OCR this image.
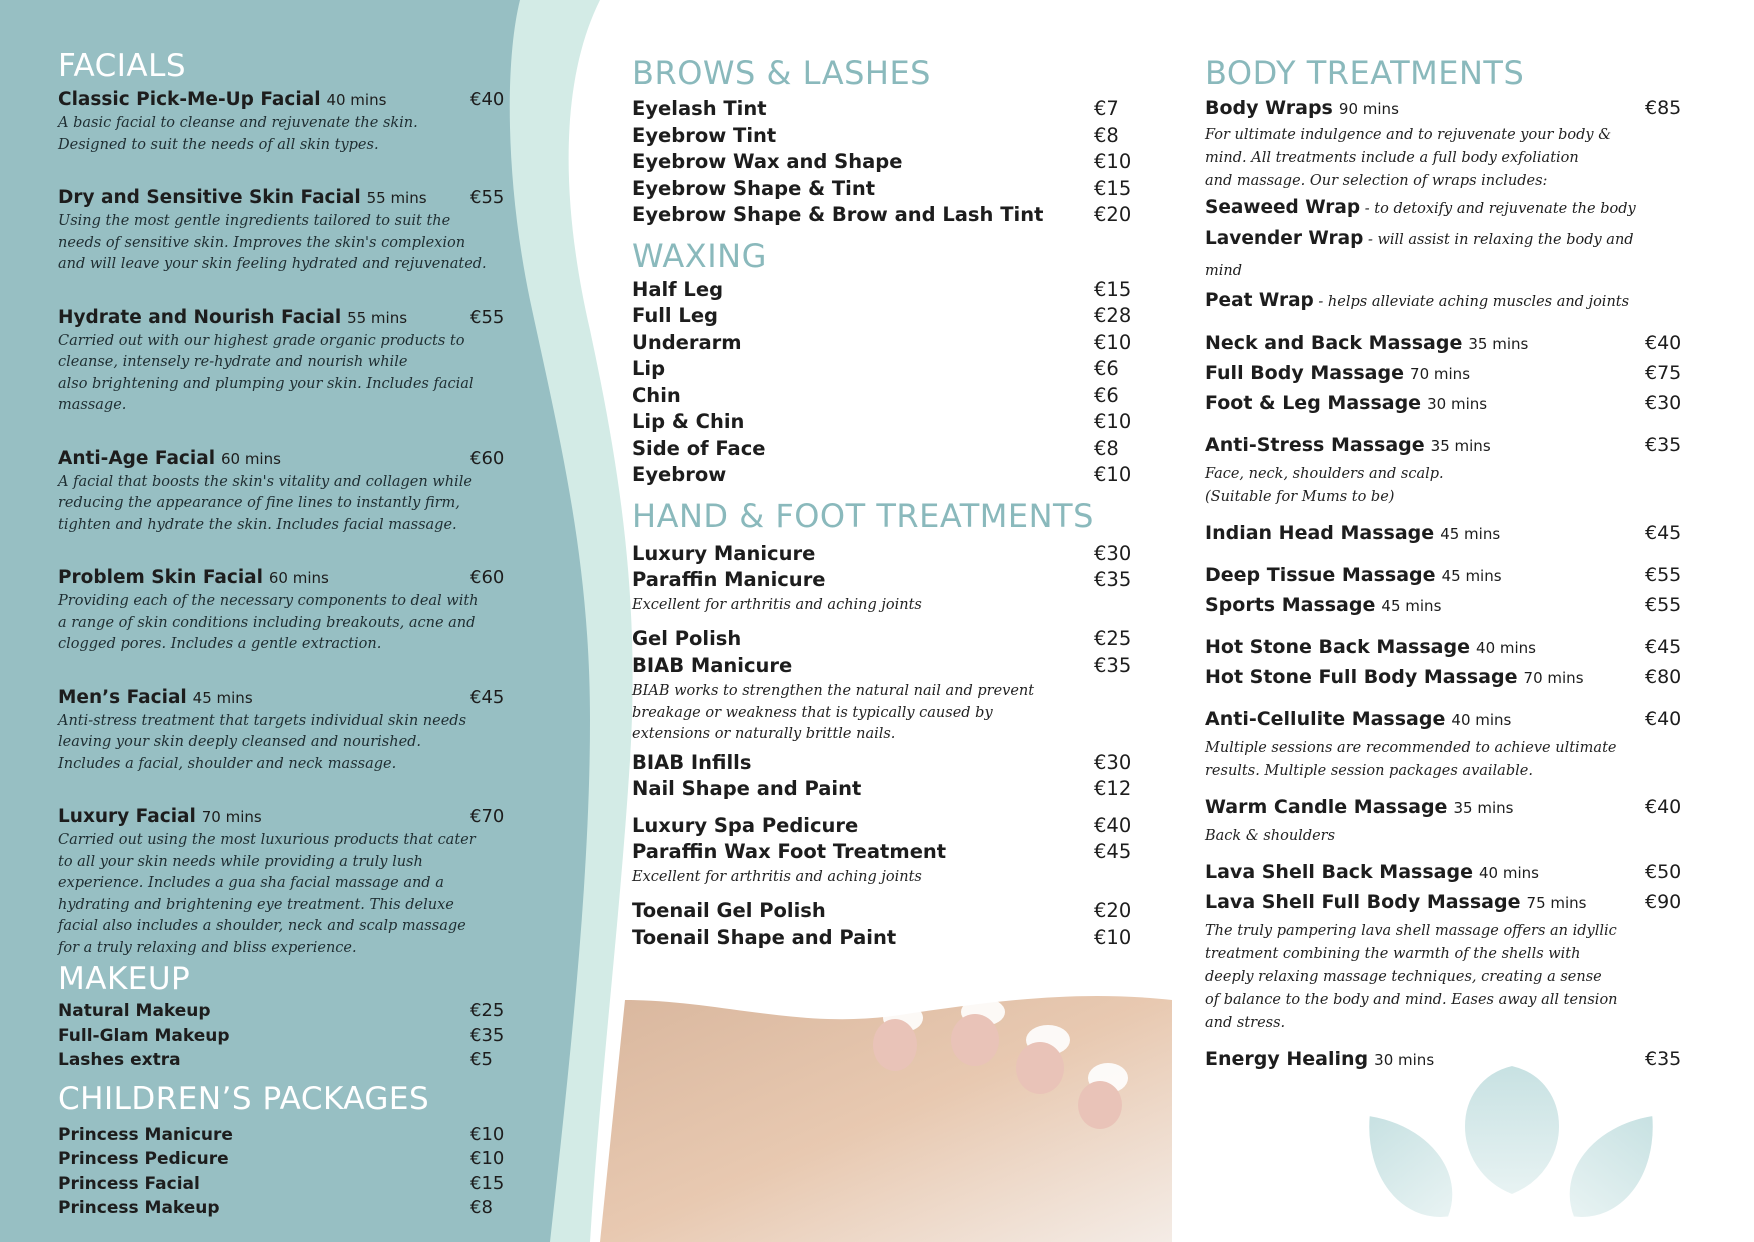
FACIALS
Classic Pick-Me-Up Facial 40 mins	€40
A basic facial to cleanse and rejuvenate the skin.
Designed to suit the needs of all skin types.
Dry and Sensitive Skin Facial 55 mins €55
Using the most gentle ingredients tailored to suit the
needs of sensitive skin. Improves the skin's complexion
and will leave your skin feeling hydrated and rejuvenated.
Hydrate and Nourish Facial 55 mins	€55
Carried out with our highest grade organic products to
cleanse, intensely re-hydrate and nourish while
also brightening and plumping your skin. Includes facial
massage.
Anti-Age Facial 60 mins	€60
A facial that boosts the skin's vitality and collagen while
reducing the appearance of fine lines to instantly firm,
tighten and hydrate the skin. Includes facial massage.
Problem Skin Facial 60 mins	€60
Providing each of the necessary components to deal with
a range of skin conditions including breakouts, acne and
clogged pores. Includes a gentle extraction.
Men’s Facial 45 mins	€45
Anti-stress treatment that targets individual skin needs
leaving your skin deeply cleansed and nourished.
Includes a facial, shoulder and neck massage.
Luxury Facial 70 mins	€70
Carried out using the most luxurious products that cater
to all your skin needs while providing a truly lush
experience. Includes a gua sha facial massage and a
hydrating and brightening eye treatment. This deluxe
facial also includes a shoulder, neck and scalp massage
for a truly relaxing and bliss experience.
MAKEUP
Natural Makeup	€25
Full-Glam Makeup	€35
Lashes extra	€5
CHILDREN’S PACKAGES
Princess Manicure	€10
Princess Pedicure	€10
Princess Facial	€15
Princess Makeup	€8
BROWS & LASHES
Eyelash Tint	€7
Eyebrow Tint	€8
Eyebrow Wax and Shape	€10
Eyebrow Shape & Tint	€15
Eyebrow Shape & Brow and Lash Tint	€20
WAXING
Half Leg	€15
Full Leg	€28
Underarm	€10
Lip	€6
Chin	€6
Lip & Chin	€10
Side of Face	€8
Eyebrow	€10
HAND & FOOT TREATMENTS
Luxury Manicure	€30
Paraffin Manicure	€35
Excellent for arthritis and aching joints
Gel Polish	€25
BIAB Manicure	€35
BIAB works to strengthen the natural nail and prevent
breakage or weakness that is typically caused by
extensions or naturally brittle nails.
BIAB Infills	€30
Nail Shape and Paint	€12
Luxury Spa Pedicure	€40
Paraffin Wax Foot Treatment	€45
Excellent for arthritis and aching joints
Toenail Gel Polish	€20
Toenail Shape and Paint	€10
BODY TREATMENTS
Body Wraps 90 mins	€85
For ultimate indulgence and to rejuvenate your body &
mind. All treatments include a full body exfoliation
and massage. Our selection of wraps includes:
Seaweed Wrap - to detoxify and rejuvenate the body
Lavender Wrap - will assist in relaxing the body and mind
Peat Wrap - helps alleviate aching muscles and joints
Neck and Back Massage 35 mins	€40
Full Body Massage 70 mins	€75
Foot & Leg Massage 30 mins	€30
Anti-Stress Massage 35 mins	€35
Face, neck, shoulders and scalp.
(Suitable for Mums to be)
Indian Head Massage 45 mins	€45
Deep Tissue Massage 45 mins	€55
Sports Massage 45 mins	€55
Hot Stone Back Massage 40 mins	€45
Hot Stone Full Body Massage 70 mins	€80
Anti-Cellulite Massage 40 mins	€40
Multiple sessions are recommended to achieve ultimate
results. Multiple session packages available.
Warm Candle Massage 35 mins	€40
Back & shoulders
Lava Shell Back Massage 40 mins	€50
Lava Shell Full Body Massage 75 mins	€90
The truly pampering lava shell massage offers an idyllic
treatment combining the warmth of the shells with
deeply relaxing massage techniques, creating a sense
of balance to the body and mind. Eases away all tension
and stress.
Energy Healing 30 mins	€35
